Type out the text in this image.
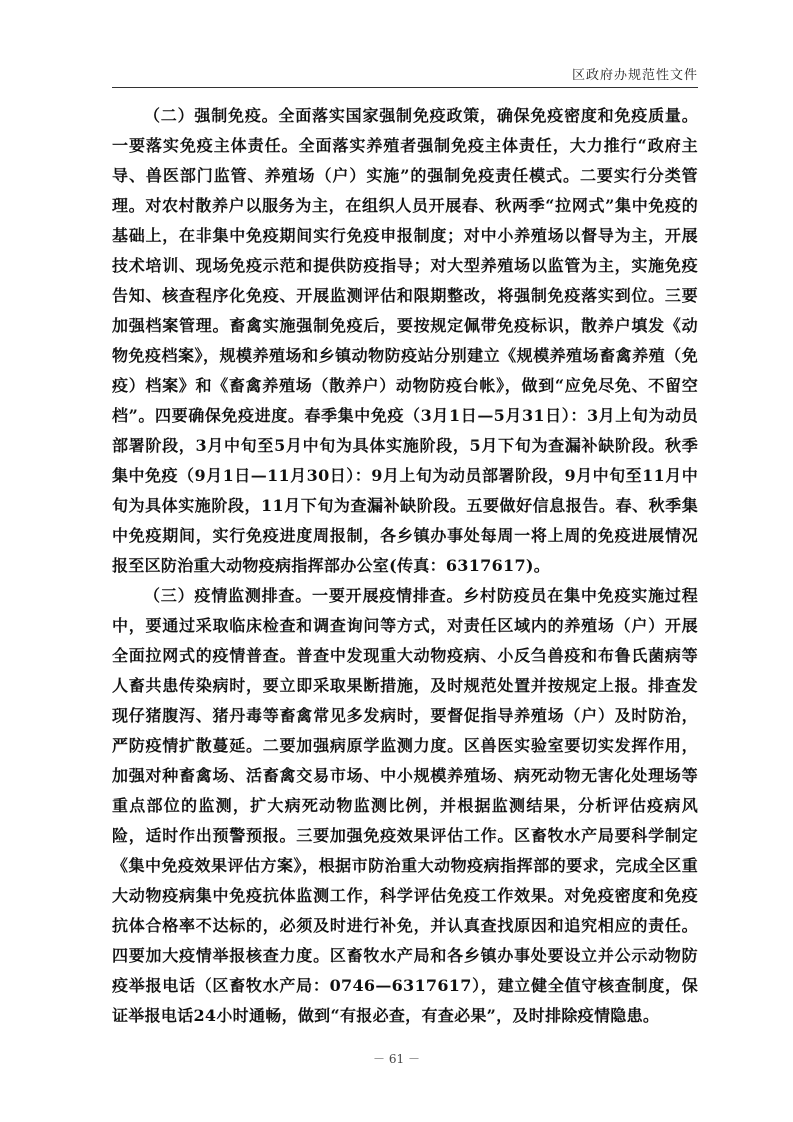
区政府办规范性文件

（二）强制免疫。全面落实国家强制免疫政策，确保免疫密度和免疫质量。一要落实免疫主体责任。全面落实养殖者强制免疫主体责任，大力推行“政府主导、兽医部门监管、养殖场（户）实施”的强制免疫责任模式。二要实行分类管理。对农村散养户以服务为主，在组织人员开展春、秋两季“拉网式”集中免疫的基础上，在非集中免疫期间实行免疫申报制度；对中小养殖场以督导为主，开展技术培训、现场免疫示范和提供防疫指导；对大型养殖场以监管为主，实施免疫告知、核查程序化免疫、开展监测评估和限期整改，将强制免疫落实到位。三要加强档案管理。畜禽实施强制免疫后，要按规定佩带免疫标识，散养户填发《动物免疫档案》，规模养殖场和乡镇动物防疫站分别建立《规模养殖场畜禽养殖（免疫）档案》和《畜禽养殖场（散养户）动物防疫台帐》，做到“应免尽免、不留空档”。四要确保免疫进度。春季集中免疫（3月1日—5月31日）：3月上旬为动员部署阶段，3月中旬至5月中旬为具体实施阶段，5月下旬为查漏补缺阶段。秋季集中免疫（9月1日—11月30日）：9月上旬为动员部署阶段，9月中旬至11月中旬为具体实施阶段，11月下旬为查漏补缺阶段。五要做好信息报告。春、秋季集中免疫期间，实行免疫进度周报制，各乡镇办事处每周一将上周的免疫进展情况报至区防治重大动物疫病指挥部办公室(传真：6317617)。

（三）疫情监测排查。一要开展疫情排查。乡村防疫员在集中免疫实施过程中，要通过采取临床检查和调查询问等方式，对责任区域内的养殖场（户）开展全面拉网式的疫情普查。普查中发现重大动物疫病、小反刍兽疫和布鲁氏菌病等人畜共患传染病时，要立即采取果断措施，及时规范处置并按规定上报。排查发现仔猪腹泻、猪丹毒等畜禽常见多发病时，要督促指导养殖场（户）及时防治，严防疫情扩散蔓延。二要加强病原学监测力度。区兽医实验室要切实发挥作用，加强对种畜禽场、活畜禽交易市场、中小规模养殖场、病死动物无害化处理场等重点部位的监测，扩大病死动物监测比例，并根据监测结果，分析评估疫病风险，适时作出预警预报。三要加强免疫效果评估工作。区畜牧水产局要科学制定《集中免疫效果评估方案》，根据市防治重大动物疫病指挥部的要求，完成全区重大动物疫病集中免疫抗体监测工作，科学评估免疫工作效果。对免疫密度和免疫抗体合格率不达标的，必须及时进行补免，并认真查找原因和追究相应的责任。四要加大疫情举报核查力度。区畜牧水产局和各乡镇办事处要设立并公示动物防疫举报电话（区畜牧水产局：0746—6317617），建立健全值守核查制度，保证举报电话24小时通畅，做到“有报必查，有查必果”，及时排除疫情隐患。

－ 61 －
